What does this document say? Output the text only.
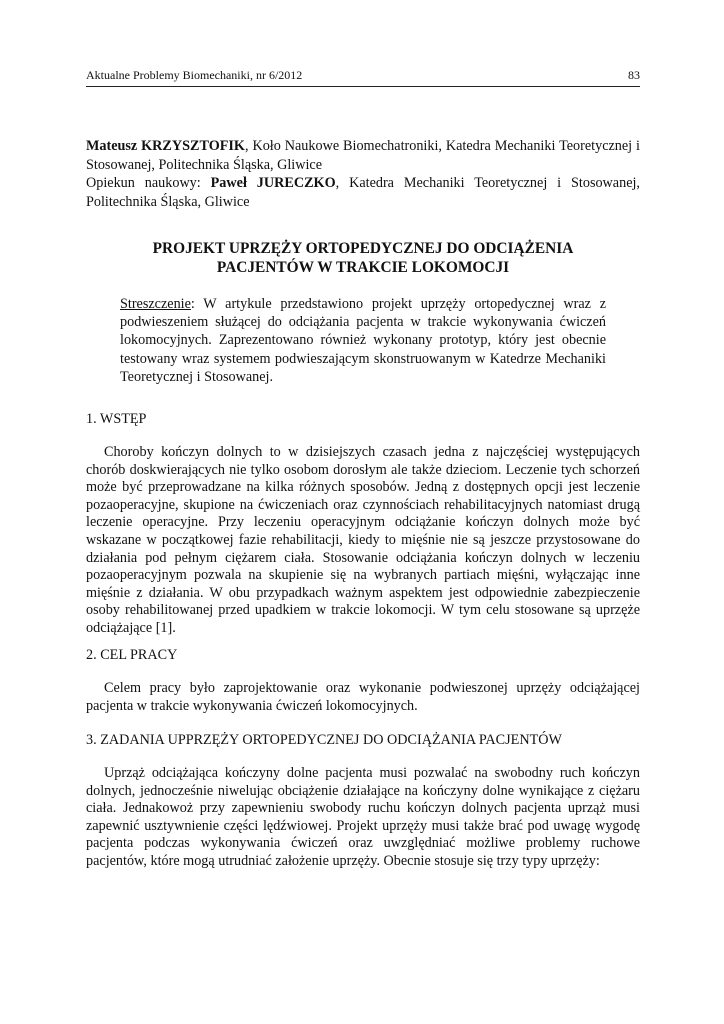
Aktualne Problemy Biomechaniki, nr 6/2012	83

Mateusz KRZYSZTOFIK, Koło Naukowe Biomechatroniki, Katedra Mechaniki Teoretycznej i Stosowanej, Politechnika Śląska, Gliwice

Opiekun naukowy: Paweł JURECZKO, Katedra Mechaniki Teoretycznej i Stosowanej, Politechnika Śląska, Gliwice

PROJEKT UPRZĘŻY ORTOPEDYCZNEJ DO ODCIĄŻENIA
PACJENTÓW W TRAKCIE LOKOMOCJI
Streszczenie: W artykule przedstawiono projekt uprzęży ortopedycznej wraz z podwieszeniem służącej do odciążania pacjenta w trakcie wykonywania ćwiczeń lokomocyjnych. Zaprezentowano również wykonany prototyp, który jest obecnie testowany wraz systemem podwieszającym skonstruowanym w Katedrze Mechaniki Teoretycznej i Stosowanej.
1. WSTĘP
Choroby kończyn dolnych to w dzisiejszych czasach jedna z najczęściej występujących chorób doskwierających nie tylko osobom dorosłym ale także dzieciom. Leczenie tych schorzeń może być przeprowadzane na kilka różnych sposobów. Jedną z dostępnych opcji jest leczenie pozaoperacyjne, skupione na ćwiczeniach oraz czynnościach rehabilitacyjnych natomiast drugą leczenie operacyjne. Przy leczeniu operacyjnym odciążanie kończyn dolnych może być wskazane w początkowej fazie rehabilitacji, kiedy to mięśnie nie są jeszcze przystosowane do działania pod pełnym ciężarem ciała. Stosowanie odciążania kończyn dolnych w leczeniu pozaoperacyjnym pozwala na skupienie się na wybranych partiach mięśni, wyłączając inne mięśnie z działania. W obu przypadkach ważnym aspektem jest odpowiednie zabezpieczenie osoby rehabilitowanej przed upadkiem w trakcie lokomocji. W tym celu stosowane są uprzęże odciążające [1].
2. CEL PRACY
Celem pracy było zaprojektowanie oraz wykonanie podwieszonej uprzęży odciążającej pacjenta w trakcie wykonywania ćwiczeń lokomocyjnych.
3. ZADANIA UPPRZĘŻY ORTOPEDYCZNEJ DO ODCIĄŻANIA PACJENTÓW
Uprząż odciążająca kończyny dolne pacjenta musi pozwalać na swobodny ruch kończyn dolnych, jednocześnie niwelując obciążenie działające na kończyny dolne wynikające z ciężaru ciała. Jednakowoż przy zapewnieniu swobody ruchu kończyn dolnych pacjenta uprząż musi zapewnić usztywnienie części lędźwiowej. Projekt uprzęży musi także brać pod uwagę wygodę pacjenta podczas wykonywania ćwiczeń oraz uwzględniać możliwe problemy ruchowe pacjentów, które mogą utrudniać założenie uprzęży. Obecnie stosuje się trzy typy uprzęży:
